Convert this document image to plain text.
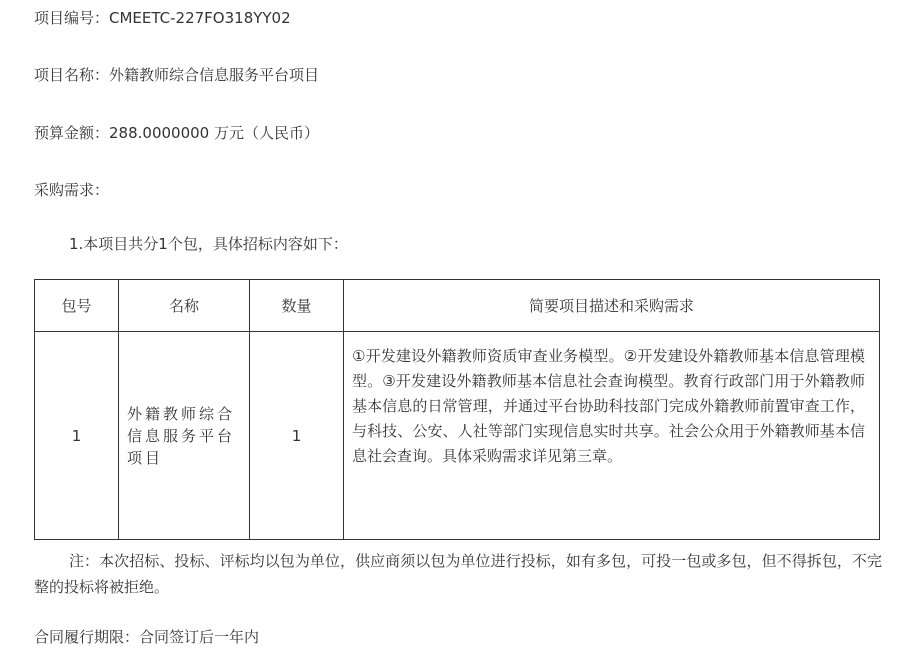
项目编号：CMEETC-227FO318YY02
项目名称：外籍教师综合信息服务平台项目
预算金额：288.0000000 万元（人民币）
采购需求：
1.本项目共分1个包，具体招标内容如下：
包号	名称	数量	简要项目描述和采购需求
1	外籍教师综合信息服务平台项目	1	①开发建设外籍教师资质审查业务模型。②开发建设外籍教师基本信息管理模型。③开发建设外籍教师基本信息社会查询模型。教育行政部门用于外籍教师基本信息的日常管理，并通过平台协助科技部门完成外籍教师前置审查工作，与科技、公安、人社等部门实现信息实时共享。社会公众用于外籍教师基本信息社会查询。具体采购需求详见第三章。
注：本次招标、投标、评标均以包为单位，供应商须以包为单位进行投标，如有多包，可投一包或多包，但不得拆包，不完整的投标将被拒绝。
合同履行期限：合同签订后一年内
